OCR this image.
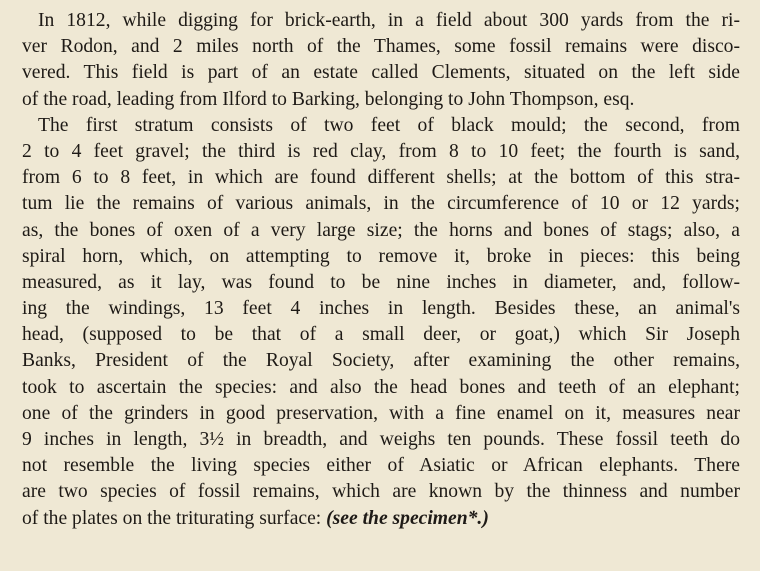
In 1812, while digging for brick-earth, in a field about 300 yards from the ri-
ver Rodon, and 2 miles north of the Thames, some fossil remains were disco-
vered. This field is part of an estate called Clements, situated on the left side
of the road, leading from Ilford to Barking, belonging to John Thompson, esq.
The first stratum consists of two feet of black mould; the second, from
2 to 4 feet gravel; the third is red clay, from 8 to 10 feet; the fourth is sand,
from 6 to 8 feet, in which are found different shells; at the bottom of this stra-
tum lie the remains of various animals, in the circumference of 10 or 12 yards;
as, the bones of oxen of a very large size; the horns and bones of stags; also, a
spiral horn, which, on attempting to remove it, broke in pieces: this being
measured, as it lay, was found to be nine inches in diameter, and, follow-
ing the windings, 13 feet 4 inches in length. Besides these, an animal's
head, (supposed to be that of a small deer, or goat,) which Sir Joseph
Banks, President of the Royal Society, after examining the other remains,
took to ascertain the species: and also the head bones and teeth of an elephant;
one of the grinders in good preservation, with a fine enamel on it, measures near
9 inches in length, 3½ in breadth, and weighs ten pounds. These fossil teeth do
not resemble the living species either of Asiatic or African elephants. There
are two species of fossil remains, which are known by the thinness and number
of the plates on the triturating surface: (see the specimen*.)
